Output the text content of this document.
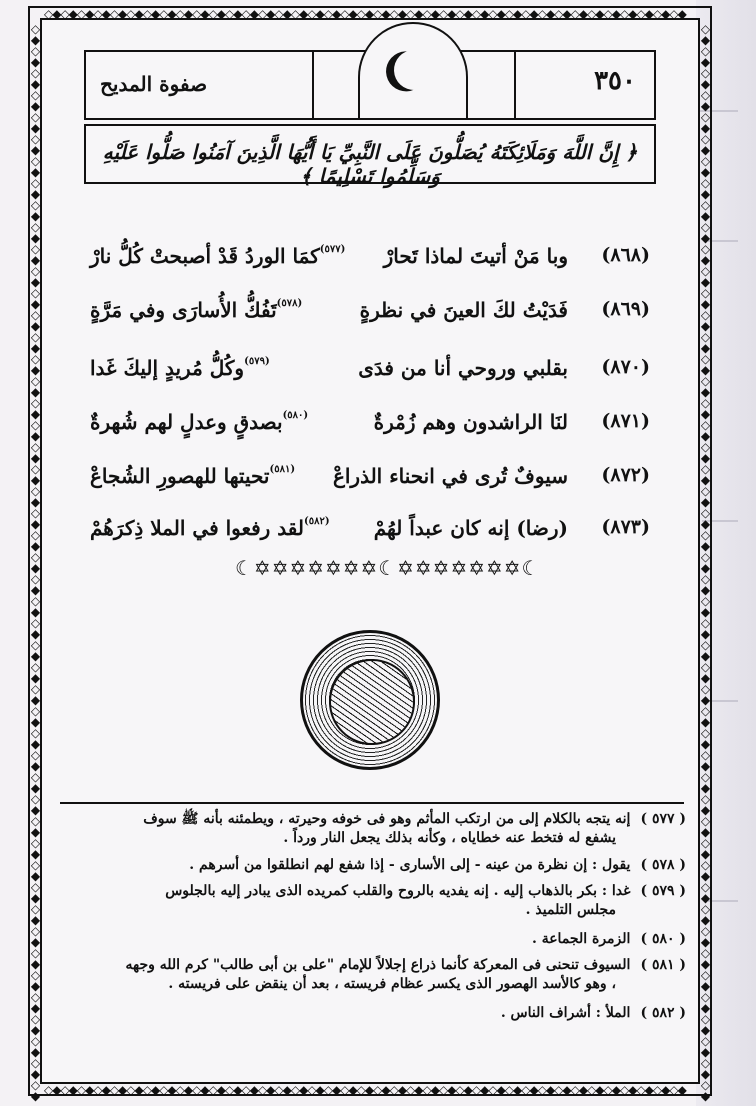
◇◆◇◆◇◆◇◆◇◆◇◆◇◆◇◆◇◆◇◆◇◆◇◆◇◆◇◆◇◆◇◆◇◆◇◆◇◆◇◆◇◆◇◆◇◆◇◆◇◆◇◆◇◆◇◆◇◆◇◆◇◆◇◆◇◆◇◆◇◆◇◆◇◆◇◆◇◆
◇◆◇◆◇◆◇◆◇◆◇◆◇◆◇◆◇◆◇◆◇◆◇◆◇◆◇◆◇◆◇◆◇◆◇◆◇◆◇◆◇◆◇◆◇◆◇◆◇◆◇◆◇◆◇◆◇◆◇◆◇◆◇◆◇◆◇◆◇◆◇◆◇◆◇◆◇◆
◇◆◇◆◇◆◇◆◇◆◇◆◇◆◇◆◇◆◇◆◇◆◇◆◇◆◇◆◇◆◇◆◇◆◇◆◇◆◇◆◇◆◇◆◇◆◇◆◇◆◇◆◇◆◇◆◇◆◇◆◇◆◇◆◇◆◇◆◇◆◇◆◇◆◇◆◇◆◇◆◇◆◇◆◇◆◇◆◇◆◇◆◇◆◇◆◇◆
◇◆◇◆◇◆◇◆◇◆◇◆◇◆◇◆◇◆◇◆◇◆◇◆◇◆◇◆◇◆◇◆◇◆◇◆◇◆◇◆◇◆◇◆◇◆◇◆◇◆◇◆◇◆◇◆◇◆◇◆◇◆◇◆◇◆◇◆◇◆◇◆◇◆◇◆◇◆◇◆◇◆◇◆◇◆◇◆◇◆◇◆◇◆◇◆◇◆
٣٥٠
صفوة المديح
﴿ إِنَّ اللَّهَ وَمَلَائِكَتَهُ يُصَلُّونَ عَلَى النَّبِيِّ يَا أَيُّهَا الَّذِينَ آمَنُوا صَلُّوا عَلَيْهِ وَسَلِّمُوا تَسْلِيمًا ﴾
(٨٦٨)
وبا مَنْ أتيتَ لماذا تَحارْ
$^{(٥٧٧)}$كمَا الوردُ قَدْ أصبحتْ كُلُّ نارْ
(٨٦٩)
فَدَيْتُ لكَ العينَ في نظرةٍ
$^{(٥٧٨)}$تَفُكُّ الأُسارَى وفي مَرَّةٍ
(٨٧٠)
بقلبي وروحي أنا من فدَى
$^{(٥٧٩)}$وكُلُّ مُريدٍ إليكَ غَدا
(٨٧١)
لنَا الراشدون وهم زُمْرةٌ
$^{(٥٨٠)}$بصدقٍ وعدلٍ لهم شُهرةٌ
(٨٧٢)
سيوفٌ تُرى في انحناء الذراعْ
$^{(٥٨١)}$تحيتها للهصورِ الشُجاعْ
(٨٧٣)
(رضا) إنه كان عبداً لهُمْ
$^{(٥٨٢)}$لقد رفعوا في الملا ذِكرَهُمْ
☾✡✡✡✡✡✡✡☾✡✡✡✡✡✡✡☾
( ٥٧٧ )إنه يتجه بالكلام إلى من ارتكب المأثم وهو فى خوفه وحيرته ، ويطمئنه بأنه ﷺ سوف
يشفع له فتخط عنه خطاياه ، وكأنه بذلك يجعل النار ورداً .
( ٥٧٨ )يقول : إن نظرة من عينه - إلى الأسارى - إذا شفع لهم انطلقوا من أسرهم .
( ٥٧٩ )غدا : بكر بالذهاب إليه . إنه يفديه بالروح والقلب كمريده الذى يبادر إليه بالجلوس
مجلس التلميذ .
( ٥٨٠ )الزمرة الجماعة .
( ٥٨١ )السيوف تنحنى فى المعركة كأنما ذراع إجلالاً للإمام "على بن أبى طالب" كرم الله وجهه
، وهو كالأسد الهصور الذى يكسر عظام فريسته ، بعد أن ينقض على فريسته .
( ٥٨٢ )الملأ : أشراف الناس .
